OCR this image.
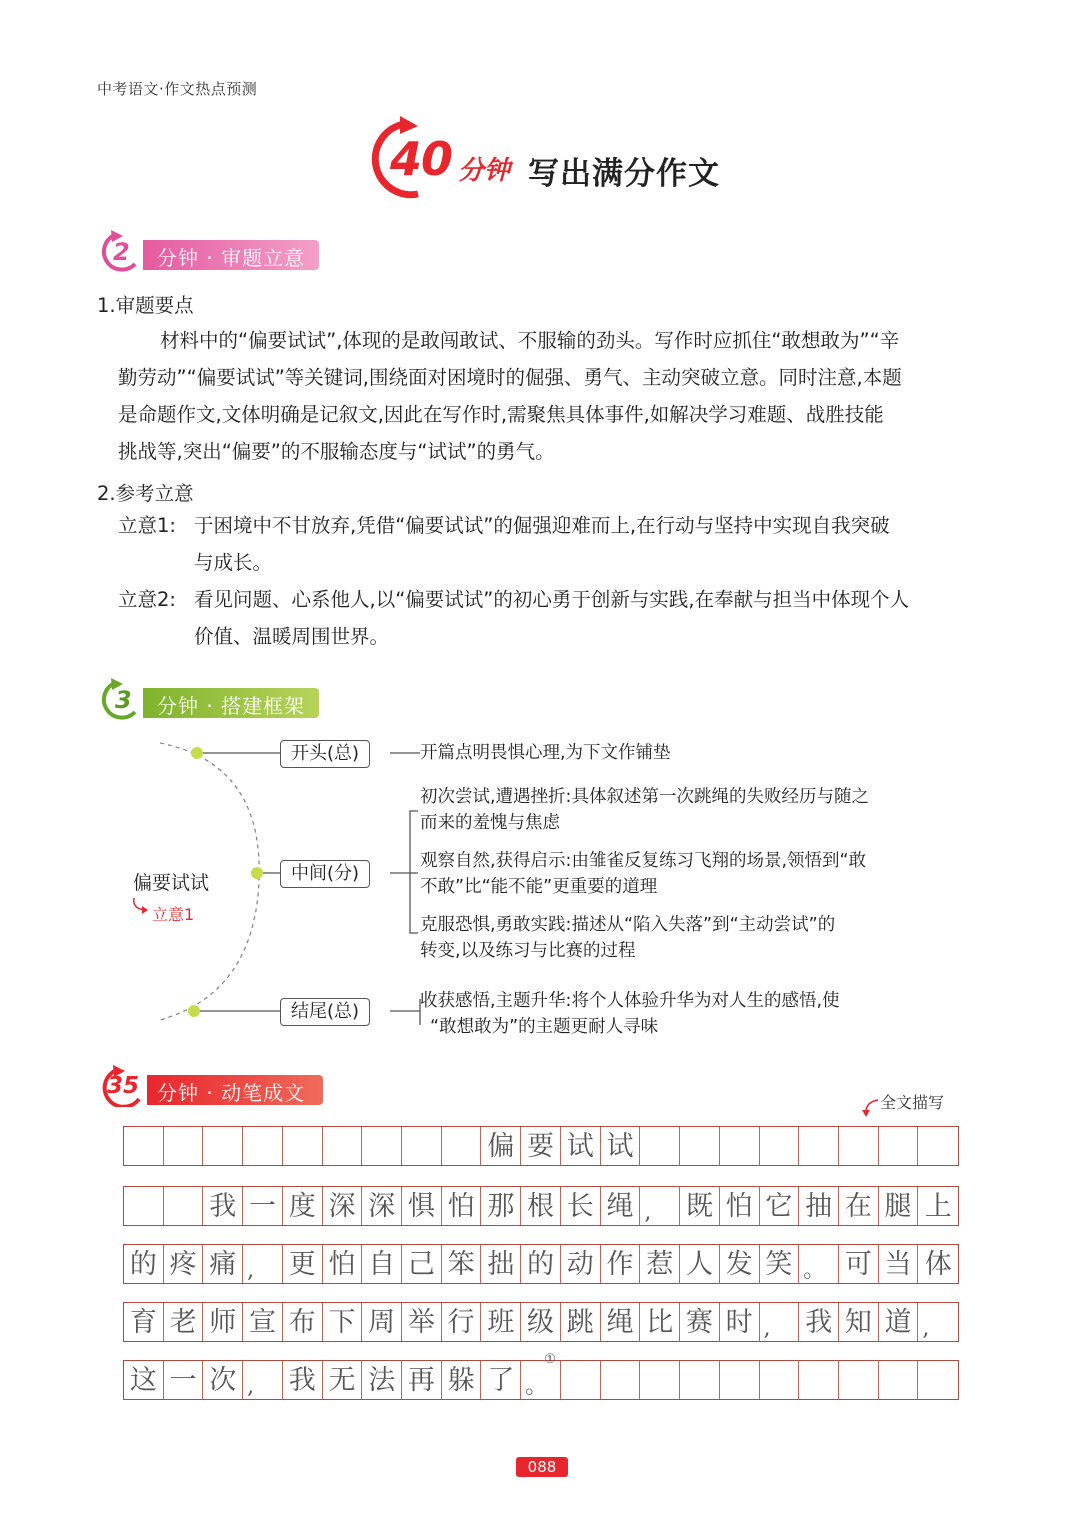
中考语文·作文热点预测
40 分钟 写出满分作文
2 分钟 · 审题立意
1.审题要点
材料中的“偏要试试”,体现的是敢闯敢试、不服输的劲头。写作时应抓住“敢想敢为”“辛
勤劳动”“偏要试试”等关键词,围绕面对困境时的倔强、勇气、主动突破立意。同时注意,本题
是命题作文,文体明确是记叙文,因此在写作时,需聚焦具体事件,如解决学习难题、战胜技能
挑战等,突出“偏要”的不服输态度与“试试”的勇气。
2.参考立意
立意1: 于困境中不甘放弃,凭借“偏要试试”的倔强迎难而上,在行动与坚持中实现自我突破
与成长。
立意2: 看见问题、心系他人,以“偏要试试”的初心勇于创新与实践,在奉献与担当中体现个人
价值、温暖周围世界。
3 分钟 · 搭建框架
偏要试试
立意1
开头(总)	开篇点明畏惧心理,为下文作铺垫
中间(分)
初次尝试,遭遇挫折:具体叙述第一次跳绳的失败经历与随之
而来的羞愧与焦虑
观察自然,获得启示:由雏雀反复练习飞翔的场景,领悟到“敢
不敢”比“能不能”更重要的道理
克服恐惧,勇敢实践:描述从“陷入失落”到“主动尝试”的
转变,以及练习与比赛的过程
结尾(总)	收获感悟,主题升华:将个人体验升华为对人生的感悟,使
“敢想敢为”的主题更耐人寻味
35 分钟 · 动笔成文	全文描写
偏 要 试 试
我 一 度 深 深 惧 怕 那 根 长 绳 ,	既 怕 它 抽 在 腿 上
的 疼 痛 ,	更 怕 自 己 笨 拙 的 动 作 惹 人 发 笑 。 可 当 体
育 老 师 宣 布 下 周 举 行 班 级 跳 绳 比 赛 时 ,	我 知 道 ,
这 一 次 ,	我 无 法 再 躲 了 。
①
088
